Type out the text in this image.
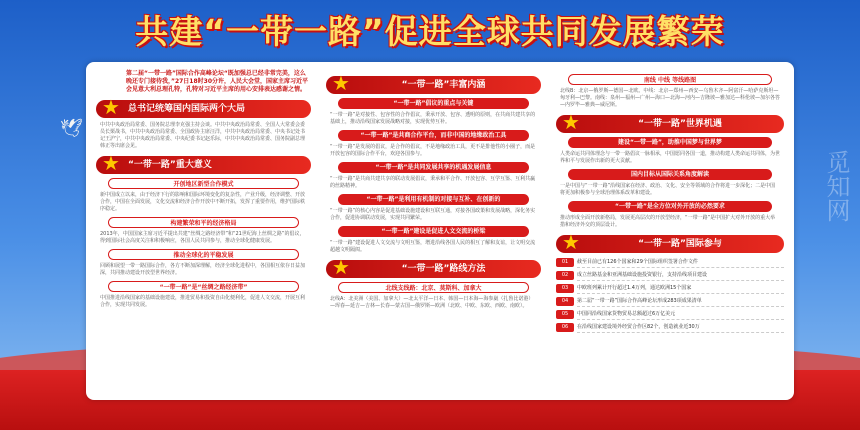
共建“一带一路”促进全球共同发展繁荣
觅知网
🕊
第二届“一带一路”国际合作高峰论坛“既加强总已经非常完美，这么晚还专门接待我，”27日18时30分许，人民大会堂，国家主席习近平会见意大利总理孔特，孔特对习近平主席的用心安排表达感谢之情。
★ 总书记统筹国内国际两个大局
中共中央政治局常委、国务院总理李克强主持会谈。中共中央政治局常委、全国人大常委会委员长栗战书，中共中央政治局常委、全国政协主席汪洋，中共中央政治局常委、中央书记处书记王沪宁，中共中央政治局常委、中央纪委书记赵乐际，中共中央政治局常委、国务院副总理韩正等出席会见。
★ “一带一路”重大意义
开创地区新型合作模式
新中国成立以来，由于经济下行的影响和国际环境变化的复杂性，产业升级，经济调整、开放合作，中国在全面发展，文化交流和经济合作开放中不断开拓，发挥了重要作用，维护国际秩序稳定。
构建繁荣和平的经济格局
2013年，中国国家主席习近平提出共建“丝绸之路经济带”和“21世纪海上丝绸之路”的倡议，得到国际社会高度关注和积极响应，各国人民共同参与，推动全球化健康发展。
推动全球化的平稳发展
回顾和展望一带一路国际合作，各方不断加深理解，经济全球化进程中，各国相互依存日益加深，共同推动建设开放型世界经济。
“一带一路”是“丝绸之路经济带”
中国推进沿线国家的基础设施建设，推进贸易和投资自由化便利化，促进人文交流，开展互利合作，实现共同发展。
★	“一带一路”丰富内涵
“一带一路”倡议的重点与关键
“一带一路”是对接性、包容性的合作倡议，秉承开放、包容、透明的原则，在共商共建共享的基础上，推动沿线国家发展战略对接，实现优势互补。
“一带一路”是共商合作平台，而非中国的地缘政治工具
“一带一路”是发展的倡议，是合作的倡议，不是地缘政治工具，更不是排他性的小圈子，而是开放包容的国际合作平台，欢迎各国参与。
“一带一路”是共同发展共享的机遇发展信息
“一带一路”是共商共建共享的联动发展倡议，秉承和平合作、开放包容、互学互鉴、互利共赢的丝路精神。
“一带一路”是利用有机制的对接与互补、在创新的
“一带一路”的核心内容是促进基础设施建设和互联互通，对接各国政策和发展战略，深化务实合作，促进协调联动发展，实现共同繁荣。
“一带一路”建设是促进人文交流的桥梁
“一带一路”建设促进人文交流与文明互鉴，增进沿线各国人民的相互了解和友谊，让文明交流超越文明隔阂。
★	“一带一路”路线方法
北线支线路：北京、莫斯科、加拿大
北线A：北美洲（美国、加拿大）—北太平洋—日本、韩国—日本海—海参崴（扎鲁比诺港）—珲春—延吉—吉林—长春—蒙古国—俄罗斯—欧洲（北欧、中欧、东欧、西欧、南欧）。
南线 中线 等线路图
北线B：北京—俄罗斯—德国—北欧。中线：北京—郑州—西安—乌鲁木齐—阿富汗—哈萨克斯坦—匈牙利—巴黎。南线：泉州—福州—广州—海口—北海—河内—吉隆坡—雅加达—科伦坡—加尔各答—内罗毕—雅典—威尼斯。
★	“一带一路”世界机遇
建设“一带一路”，助推中国梦与世界梦
人类命运共同体理念与一带一路倡议一脉相承，中国愿同各国一道，推动构建人类命运共同体，为世界和平与发展作出新的更大贡献。
国内目标从国际关系角度解读
一是中国与“一带一路”沿线国家在经济、政治、文化、安全等领域的合作将进一步深化；二是中国将更加积极参与全球治理体系改革和建设。
“一带一路”是全方位对外开放的必然要求
推动形成全面开放新格局，发展更高层次的开放型经济，“一带一路”是中国扩大对外开放的重大举措和经济外交的顶层设计。
★	“一带一路”国际参与
01	截至目前已有126个国家和29个国际组织签署合作文件
02	成立丝路基金和亚洲基础设施投资银行，支持沿线项目建设
03	中欧班列累计开行超过1.4万列，通达欧洲15个国家
04	第二届“一带一路”国际合作高峰论坛形成283项成果清单
05	中国同沿线国家货物贸易总额超过6万亿美元
06	在沿线国家建设境外经贸合作区82个，创造就业近30万
